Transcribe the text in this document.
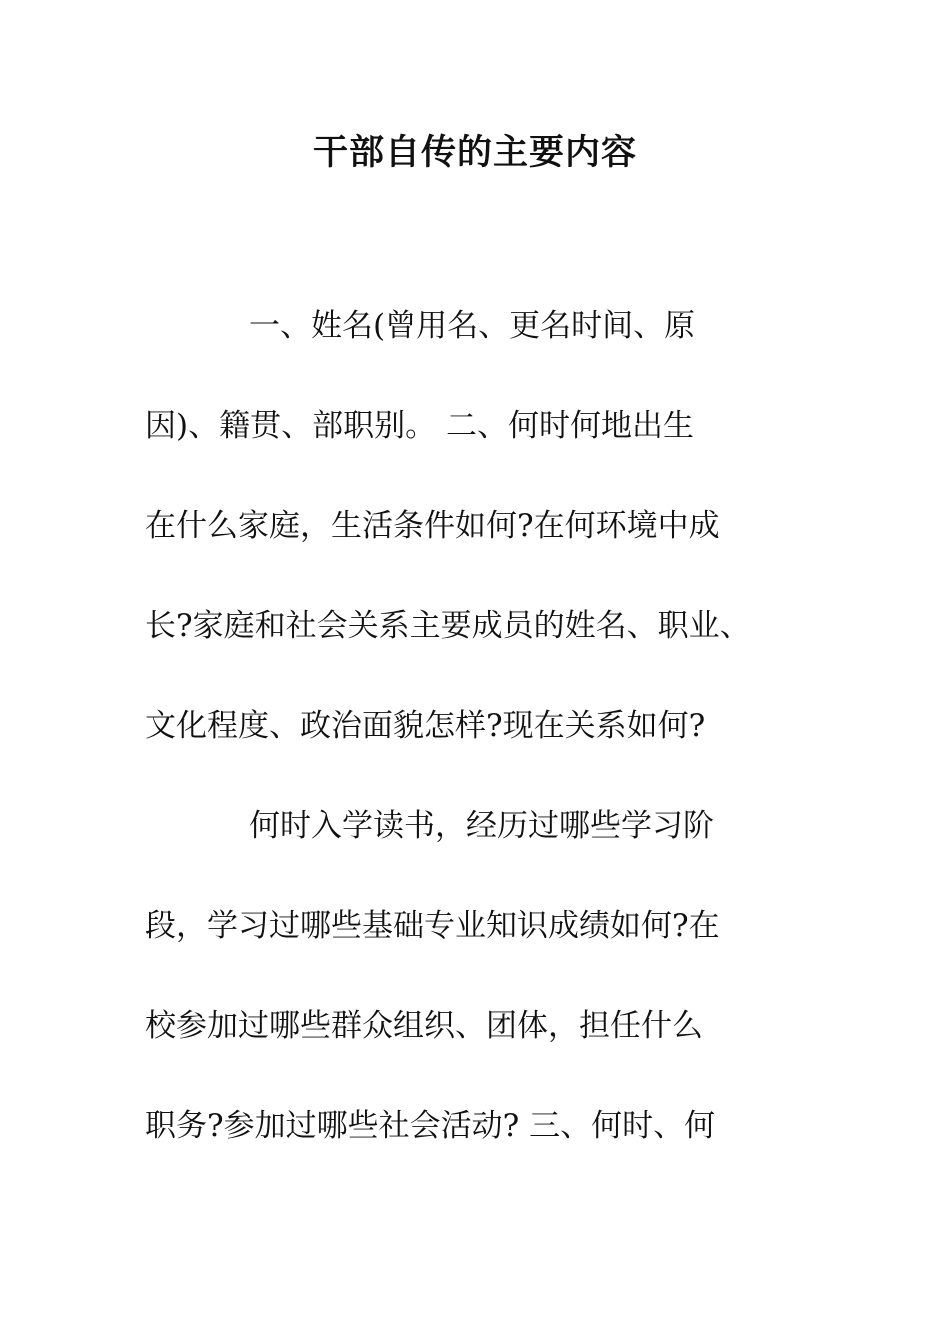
干部自传的主要内容
一、姓名(曾用名、更名时间、原
因)、籍贯、部职别。 二、何时何地出生
在什么家庭，生活条件如何?在何环境中成
长?家庭和社会关系主要成员的姓名、职业、
文化程度、政治面貌怎样?现在关系如何?
何时入学读书，经历过哪些学习阶
段，学习过哪些基础专业知识成绩如何?在
校参加过哪些群众组织、团体，担任什么
职务?参加过哪些社会活动? 三、何时、何
